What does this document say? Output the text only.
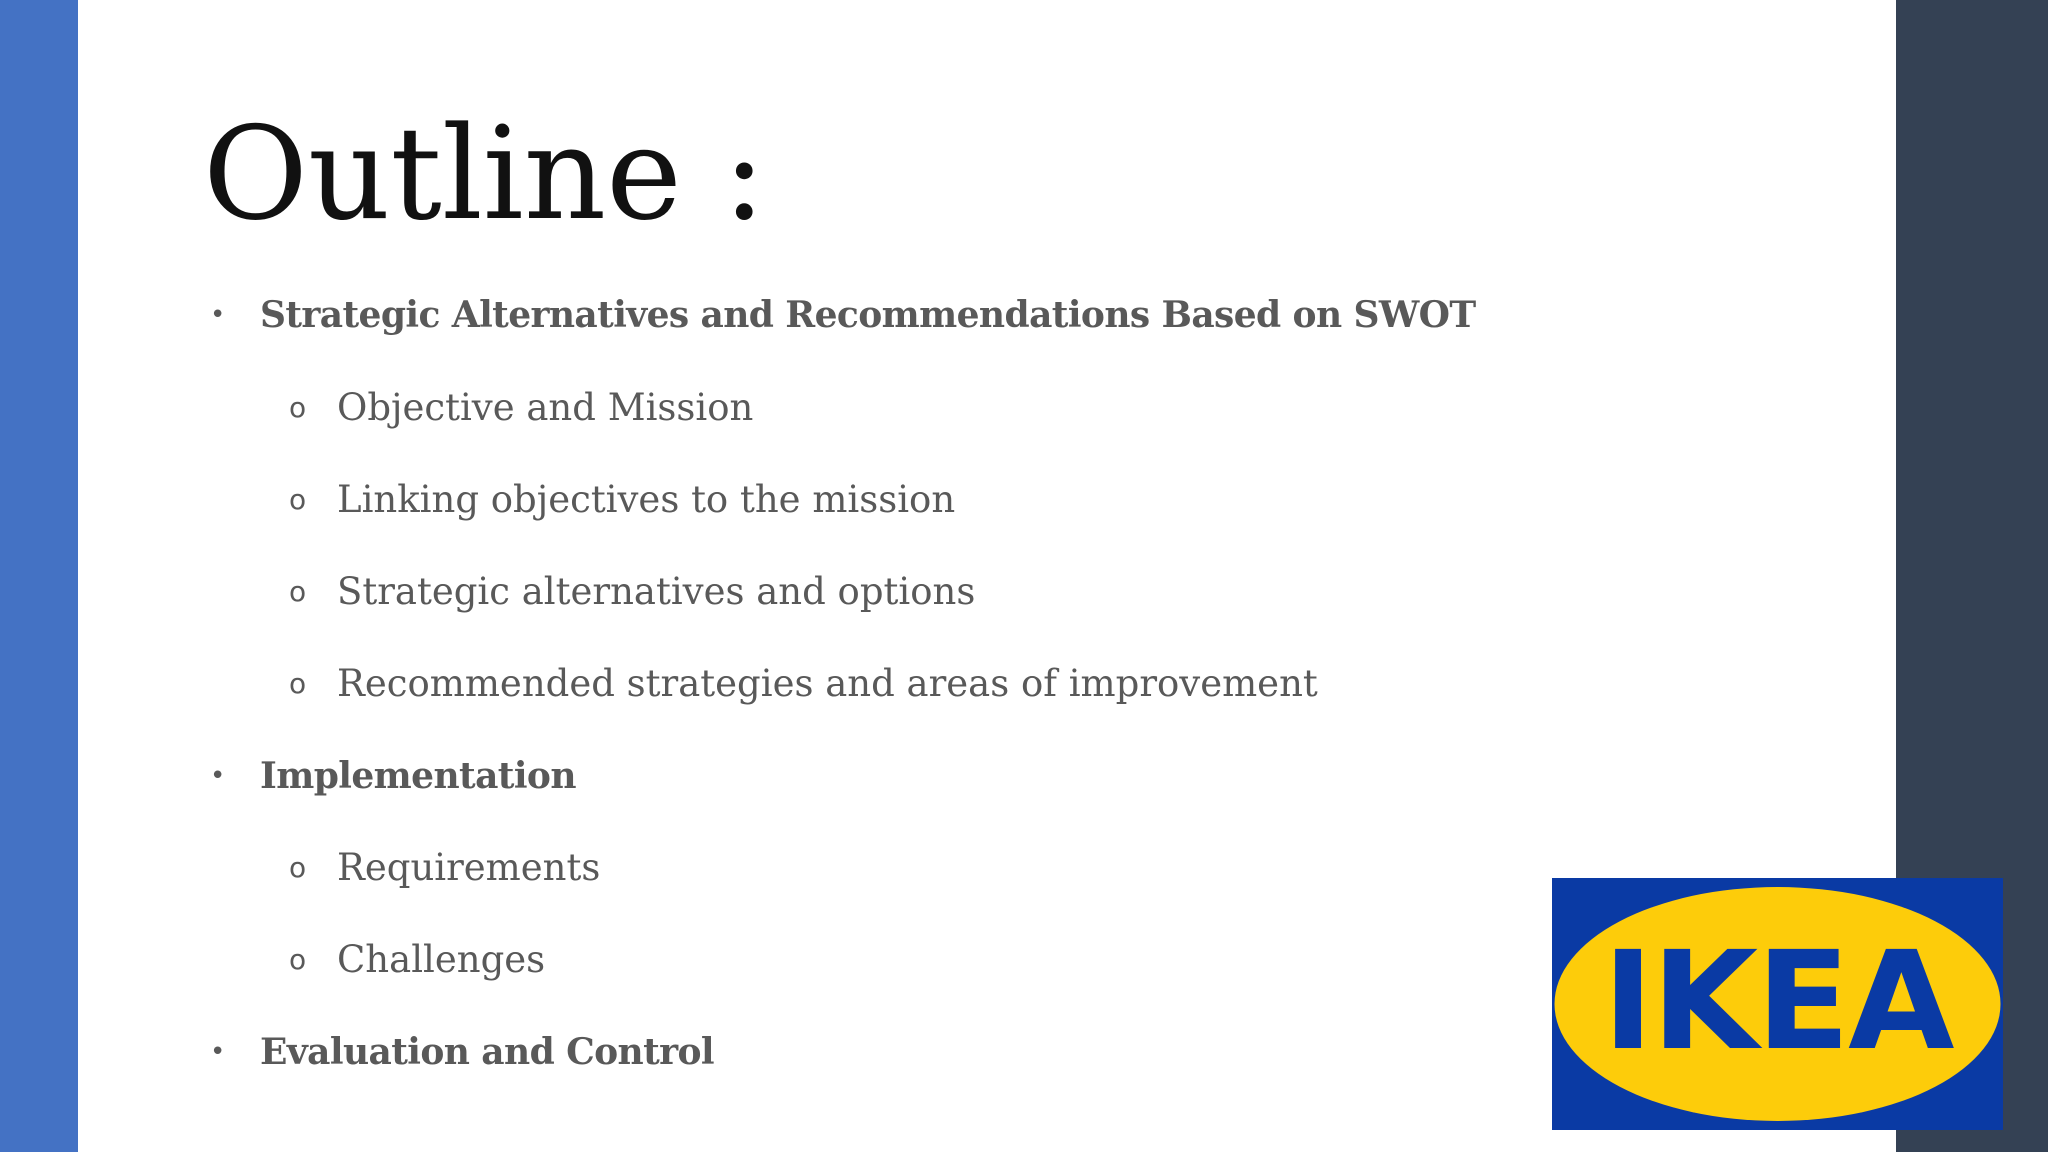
Outline :
• Strategic Alternatives and Recommendations Based on SWOT
o Objective and Mission
o Linking objectives to the mission
o Strategic alternatives and options
o Recommended strategies and areas of improvement
• Implementation
o Requirements
o Challenges
• Evaluation and Control	IKEA
